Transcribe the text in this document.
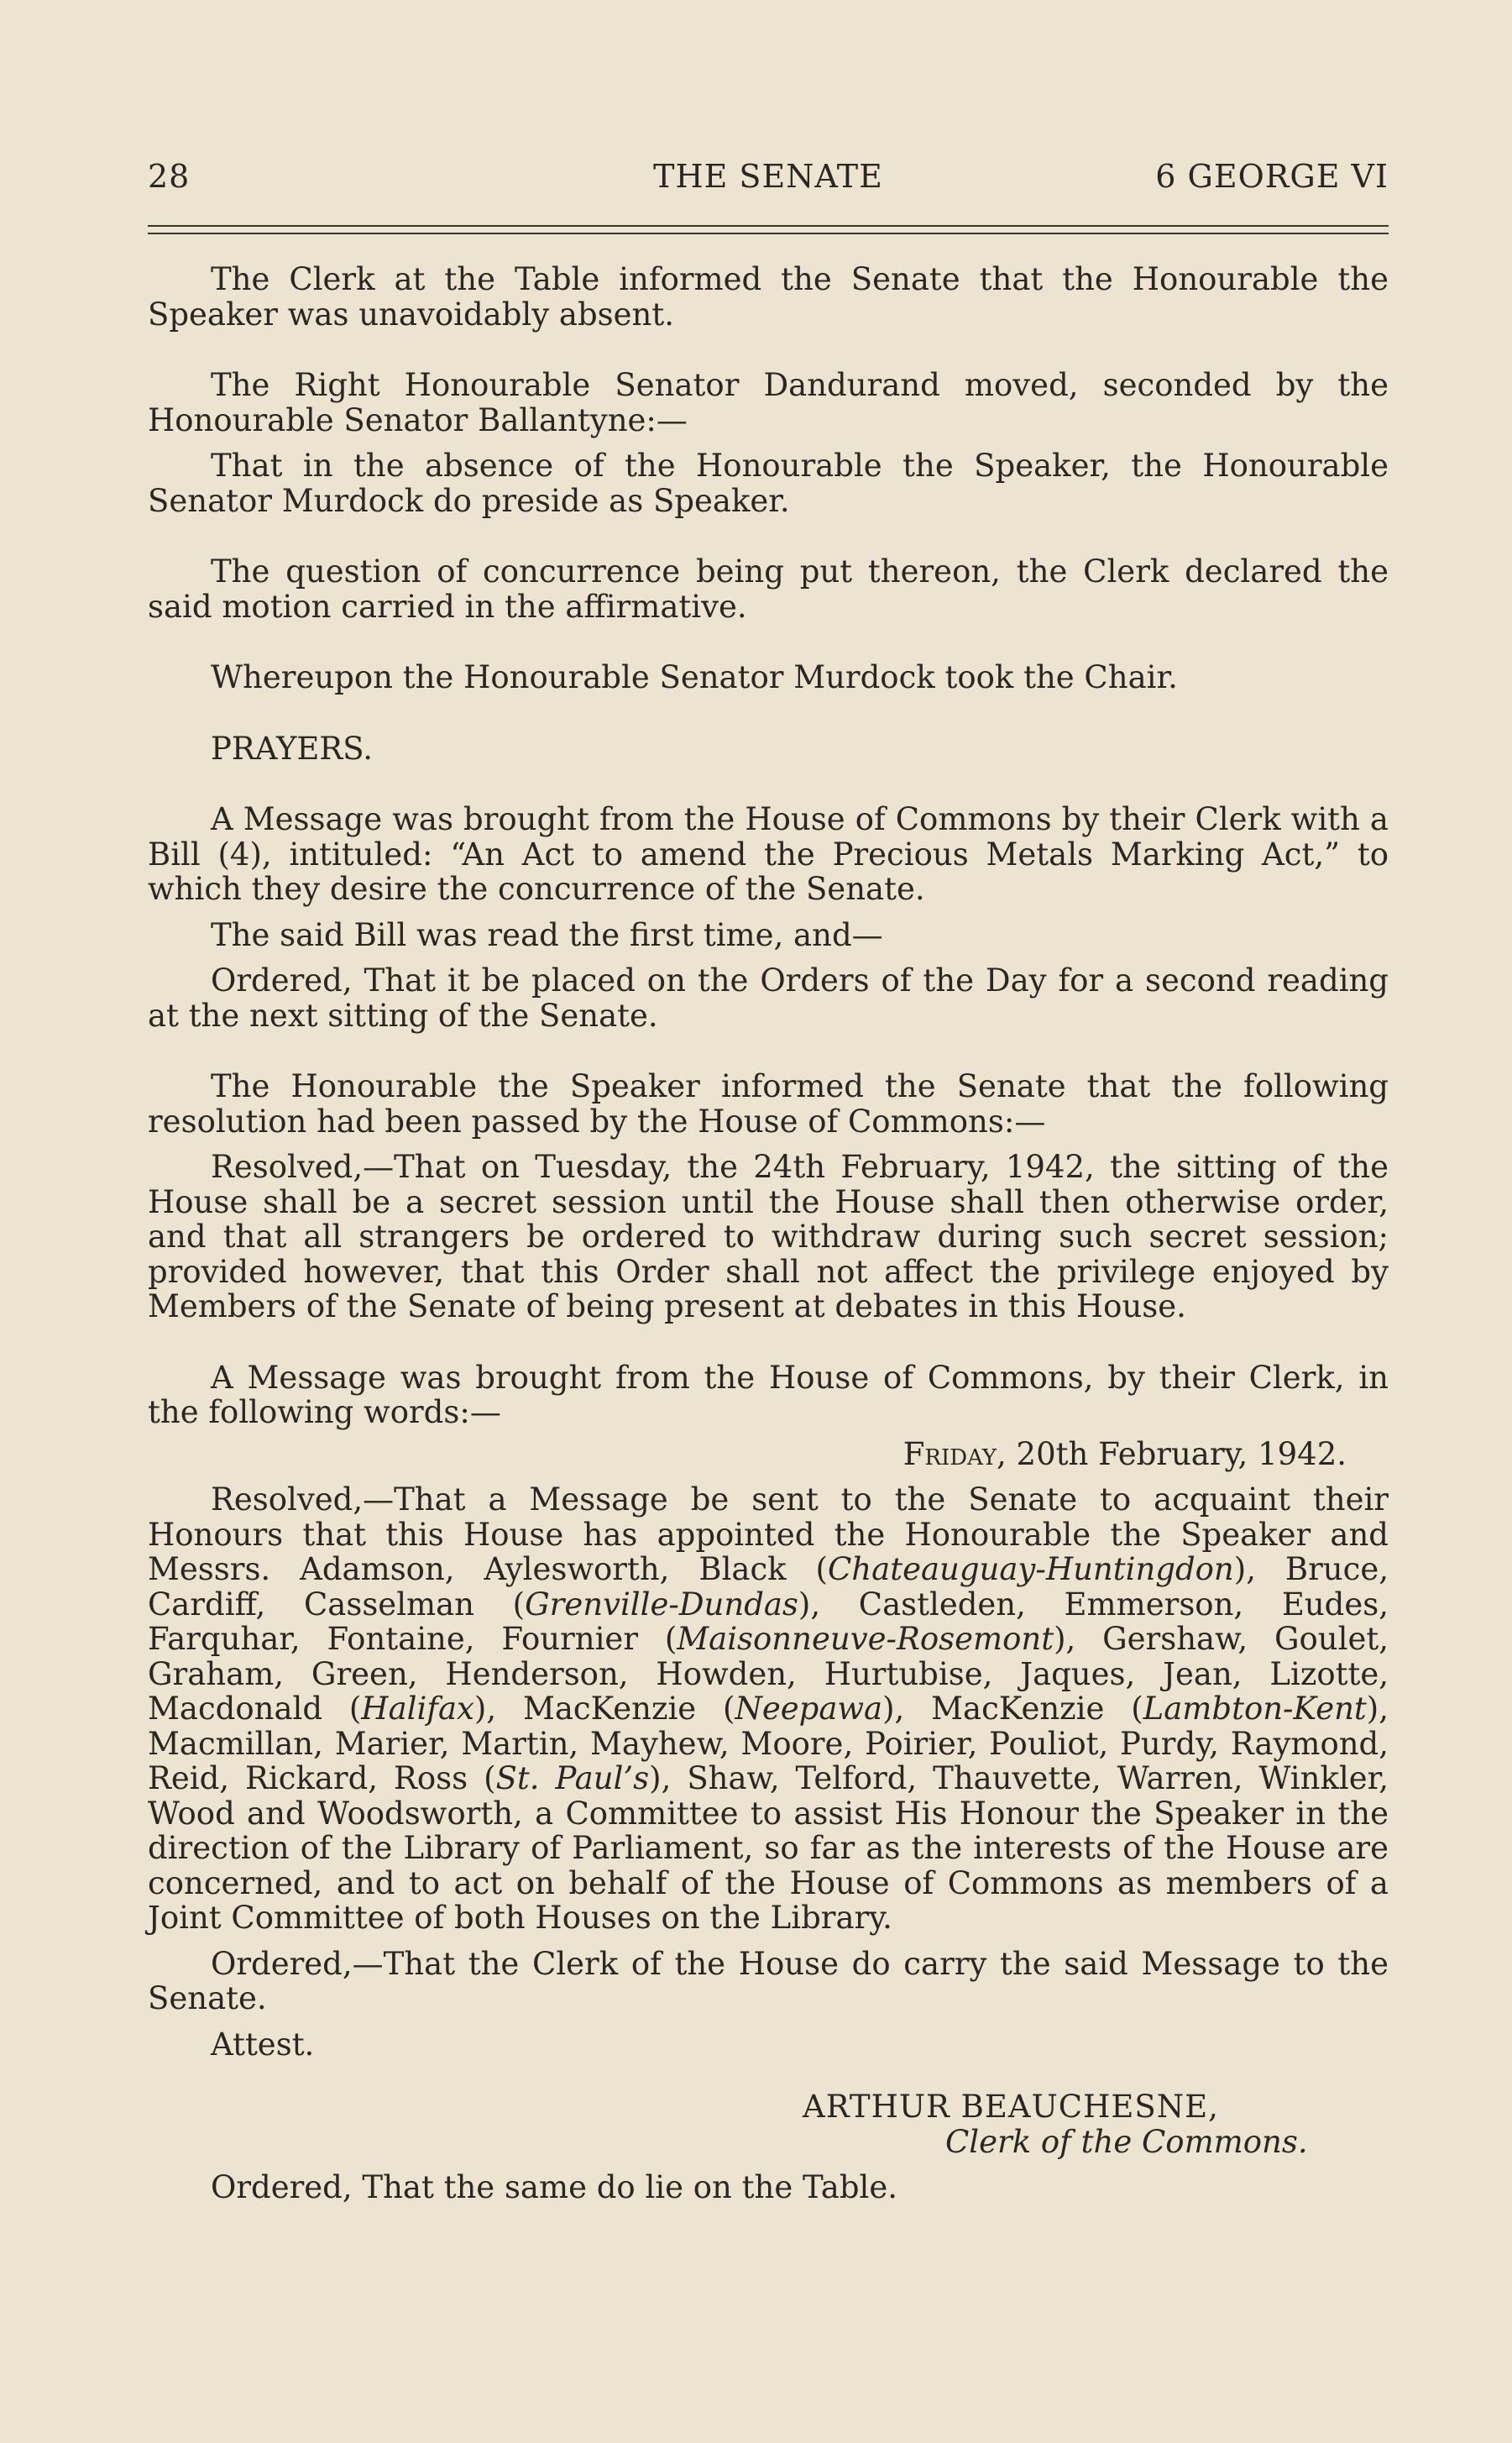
28	THE SENATE	6 GEORGE VI

The Clerk at the Table informed the Senate that the Honourable the Speaker was unavoidably absent.

The Right Honourable Senator Dandurand moved, seconded by the Honourable Senator Ballantyne:—

That in the absence of the Honourable the Speaker, the Honourable Senator Murdock do preside as Speaker.

The question of concurrence being put thereon, the Clerk declared the said motion carried in the affirmative.

Whereupon the Honourable Senator Murdock took the Chair.

PRAYERS.

A Message was brought from the House of Commons by their Clerk with a Bill (4), intituled: “An Act to amend the Precious Metals Marking Act,” to which they desire the concurrence of the Senate.

The said Bill was read the first time, and—

Ordered, That it be placed on the Orders of the Day for a second reading at the next sitting of the Senate.

The Honourable the Speaker informed the Senate that the following resolution had been passed by the House of Commons:—

Resolved,—That on Tuesday, the 24th February, 1942, the sitting of the House shall be a secret session until the House shall then otherwise order, and that all strangers be ordered to withdraw during such secret session; provided however, that this Order shall not affect the privilege enjoyed by Members of the Senate of being present at debates in this House.

A Message was brought from the House of Commons, by their Clerk, in the following words:—

Friday, 20th February, 1942.

Resolved,—That a Message be sent to the Senate to acquaint their Honours that this House has appointed the Honourable the Speaker and Messrs. Adamson, Aylesworth, Black (Chateauguay-Huntingdon), Bruce, Cardiff, Casselman (Grenville-Dundas), Castleden, Emmerson, Eudes, Farquhar, Fontaine, Fournier (Maisonneuve-Rosemont), Gershaw, Goulet, Graham, Green, Henderson, Howden, Hurtubise, Jaques, Jean, Lizotte, Macdonald (Halifax), MacKenzie (Neepawa), MacKenzie (Lambton-Kent), Macmillan, Marier, Martin, Mayhew, Moore, Poirier, Pouliot, Purdy, Raymond, Reid, Rickard, Ross (St. Paul’s), Shaw, Telford, Thauvette, Warren, Winkler, Wood and Woodsworth, a Committee to assist His Honour the Speaker in the direction of the Library of Parliament, so far as the interests of the House are concerned, and to act on behalf of the House of Commons as members of a Joint Committee of both Houses on the Library.

Ordered,—That the Clerk of the House do carry the said Message to the Senate.

Attest.

ARTHUR BEAUCHESNE,

Clerk of the Commons.

Ordered, That the same do lie on the Table.
